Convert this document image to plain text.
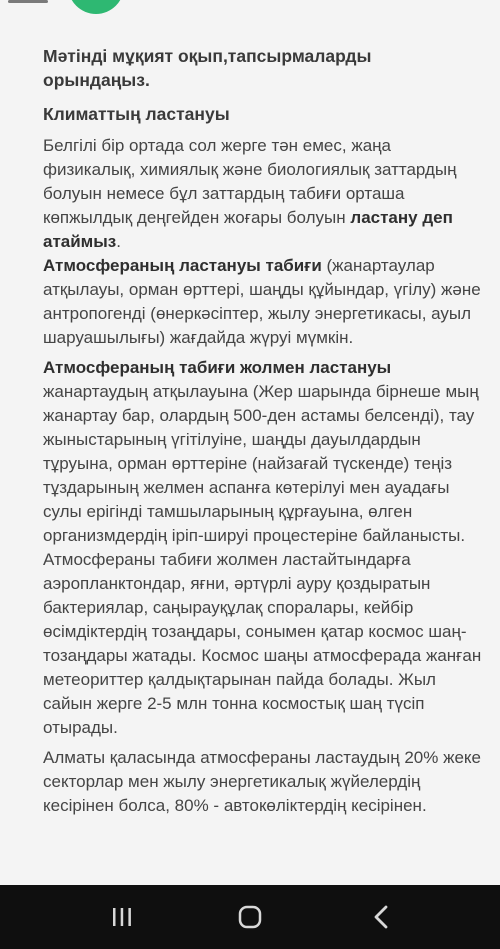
Мәтінді мұқият оқып,тапсырмаларды орындаңыз.

Климаттың ластануы

Белгілі бір ортада сол жерге тән емес, жаңа физикалық, химиялық және биологиялық заттардың болуын немесе бұл заттардың табиғи орташа көпжылдық деңгейден жоғары болуын ластану деп атаймыз.
Атмосфераның ластануы табиғи (жанартаулар атқылауы, орман өрттері, шаңды құйындар, үгілу) және антропогенді (өнеркәсіптер, жылу энергетикасы, ауыл шаруашылығы) жағдайда жүруі мүмкін.

Атмосфераның табиғи жолмен ластануы жанартаудың атқылауына (Жер шарында бірнеше мың жанартау бар, олардың 500-ден астамы белсенді), тау жыныстарының үгітілуіне, шаңды дауылдардын тұруына, орман өрттеріне (найзағай түскенде) теңіз тұздарының желмен аспанға көтерілуі мен ауадағы сулы ерігінді тамшыларының құрғауына, өлген организмдердің іріп-шируі процестеріне байланысты. Атмосфераны табиғи жолмен ластайтындарға аэропланктондар, яғни, әртүрлі ауру қоздыратын бактериялар, саңырауқұлақ споралары, кейбір өсімдіктердің тозаңдары, сонымен қатар космос шаң-тозаңдары жатады. Космос шаңы атмосферада жанған метеориттер қалдықтарынан пайда болады. Жыл сайын жерге 2-5 млн тонна космостық шаң түсіп отырады.

Алматы қаласында атмосфераны ластаудың 20% жеке секторлар мен жылу энергетикалық жүйелердің кесірінен болса, 80% - автокөліктердің кесірінен.
